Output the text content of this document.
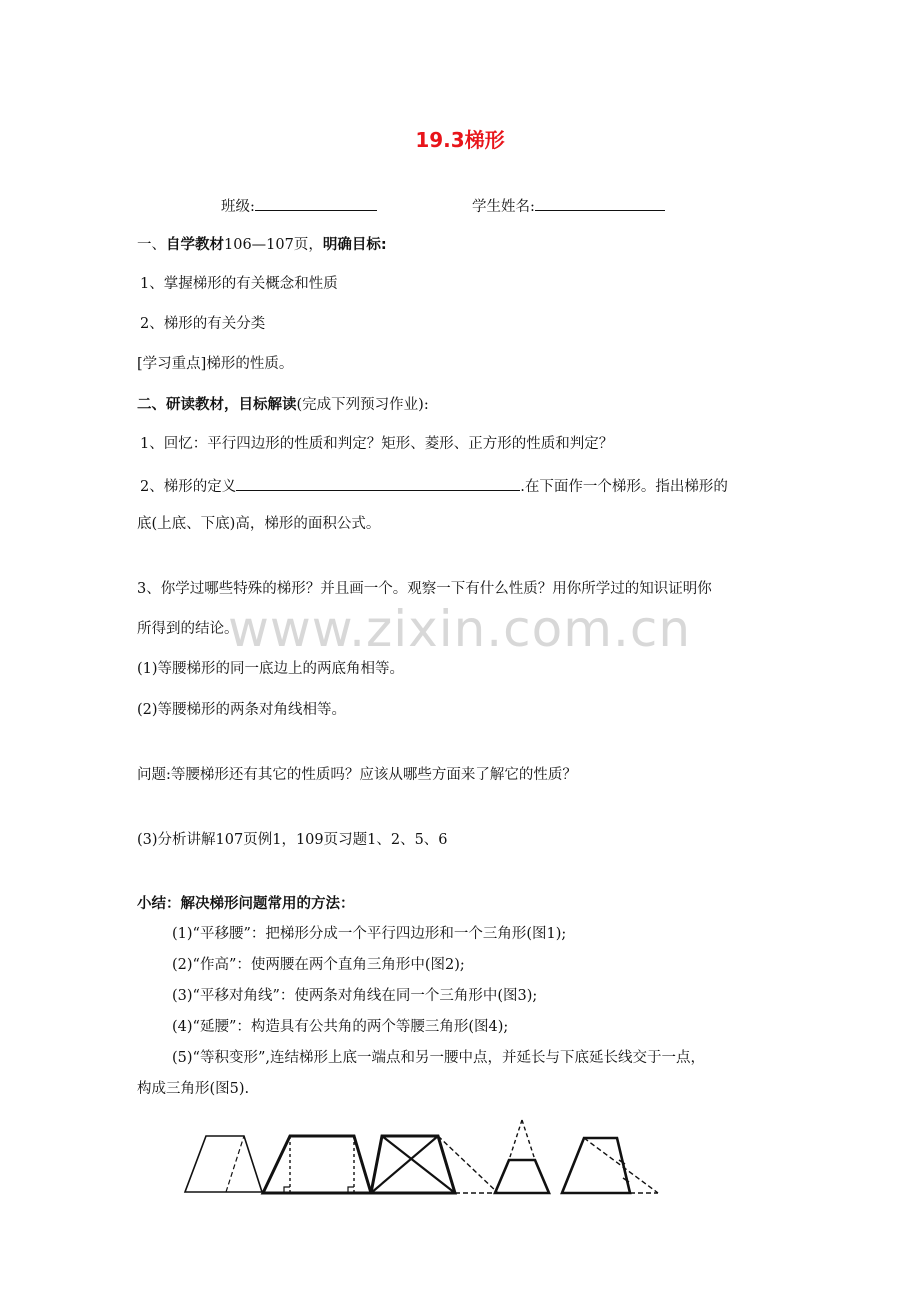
19.3梯形
班级:	学生姓名:
一、自学教材106—107页，明确目标:
1、掌握梯形的有关概念和性质
2、梯形的有关分类
[学习重点]梯形的性质。
二、研读教材，目标解读(完成下列预习作业):
1、回忆：平行四边形的性质和判定？矩形、菱形、正方形的性质和判定？
2、梯形的定义	.在下面作一个梯形。指出梯形的
底(上底、下底)高，梯形的面积公式。
3、你学过哪些特殊的梯形？并且画一个。观察一下有什么性质？用你所学过的知识证明你
所得到的结论。
www.zixin.com.cn
(1)等腰梯形的同一底边上的两底角相等。
(2)等腰梯形的两条对角线相等。
问题:等腰梯形还有其它的性质吗？应该从哪些方面来了解它的性质？
(3)分析讲解107页例1，109页习题1、2、5、6
小结：解决梯形问题常用的方法：
(1)“平移腰”：把梯形分成一个平行四边形和一个三角形(图1);
(2)“作高”：使两腰在两个直角三角形中(图2);
(3)“平移对角线”：使两条对角线在同一个三角形中(图3);
(4)“延腰”：构造具有公共角的两个等腰三角形(图4);
(5)“等积变形”,连结梯形上底一端点和另一腰中点，并延长与下底延长线交于一点，
构成三角形(图5).
